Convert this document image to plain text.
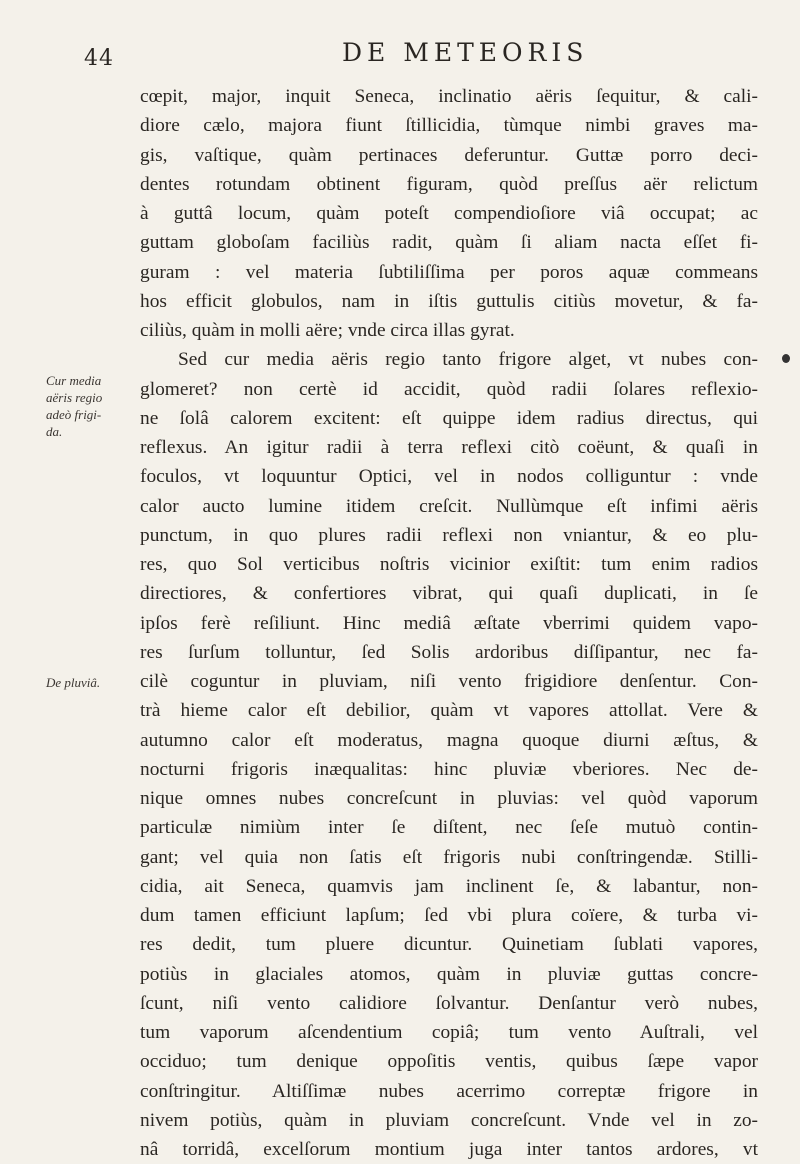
44	DE METEORIS
Cur media
aëris regio
adeò frigi-
da.
De pluviâ.
cœpit, major, inquit Seneca, inclinatio aëris ſequitur, & cali-
diore cælo, majora fiunt ſtillicidia, tùmque nimbi graves ma-
gis, vaſtique, quàm pertinaces deferuntur. Guttæ porro deci-
dentes rotundam obtinent figuram, quòd preſſus aër relictum
à guttâ locum, quàm poteſt compendioſiore viâ occupat; ac
guttam globoſam faciliùs radit, quàm ſi aliam nacta eſſet fi-
guram : vel materia ſubtiliſſima per poros aquæ commeans
hos efficit globulos, nam in iſtis guttulis citiùs movetur, & fa-
ciliùs, quàm in molli aëre; vnde circa illas gyrat.
Sed cur media aëris regio tanto frigore alget, vt nubes con-
glomeret? non certè id accidit, quòd radii ſolares reflexio-
ne ſolâ calorem excitent: eſt quippe idem radius directus, qui
reflexus. An igitur radii à terra reflexi citò coëunt, & quaſi in
foculos, vt loquuntur Optici, vel in nodos colliguntur : vnde
calor aucto lumine itidem creſcit. Nullùmque eſt infimi aëris
punctum, in quo plures radii reflexi non vniantur, & eo plu-
res, quo Sol verticibus noſtris vicinior exiſtit: tum enim radios
directiores, & confertiores vibrat, qui quaſi duplicati, in ſe
ipſos ferè reſiliunt. Hinc mediâ æſtate vberrimi quidem vapo-
res ſurſum tolluntur, ſed Solis ardoribus diſſipantur, nec fa-
cilè coguntur in pluviam, niſi vento frigidiore denſentur. Con-
trà hieme calor eſt debilior, quàm vt vapores attollat. Vere &
autumno calor eſt moderatus, magna quoque diurni æſtus, &
nocturni frigoris inæqualitas: hinc pluviæ vberiores. Nec de-
nique omnes nubes concreſcunt in pluvias: vel quòd vaporum
particulæ nimiùm inter ſe diſtent, nec ſeſe mutuò contin-
gant; vel quia non ſatis eſt frigoris nubi conſtringendæ. Stilli-
cidia, ait Seneca, quamvis jam inclinent ſe, & labantur, non-
dum tamen efficiunt lapſum; ſed vbi plura coïere, & turba vi-
res dedit, tum pluere dicuntur. Quinetiam ſublati vapores,
potiùs in glaciales atomos, quàm in pluviæ guttas concre-
ſcunt, niſi vento calidiore ſolvantur. Denſantur verò nubes,
tum vaporum aſcendentium copiâ; tum vento Auſtrali, vel
occiduo; tum denique oppoſitis ventis, quibus ſæpe vapor
conſtringitur. Altiſſimæ nubes acerrimo correptæ frigore in
nivem potiùs, quàm in pluviam concreſcunt. Vnde vel in zo-
nâ torridâ, excelſorum montium juga inter tantos ardores, vt
